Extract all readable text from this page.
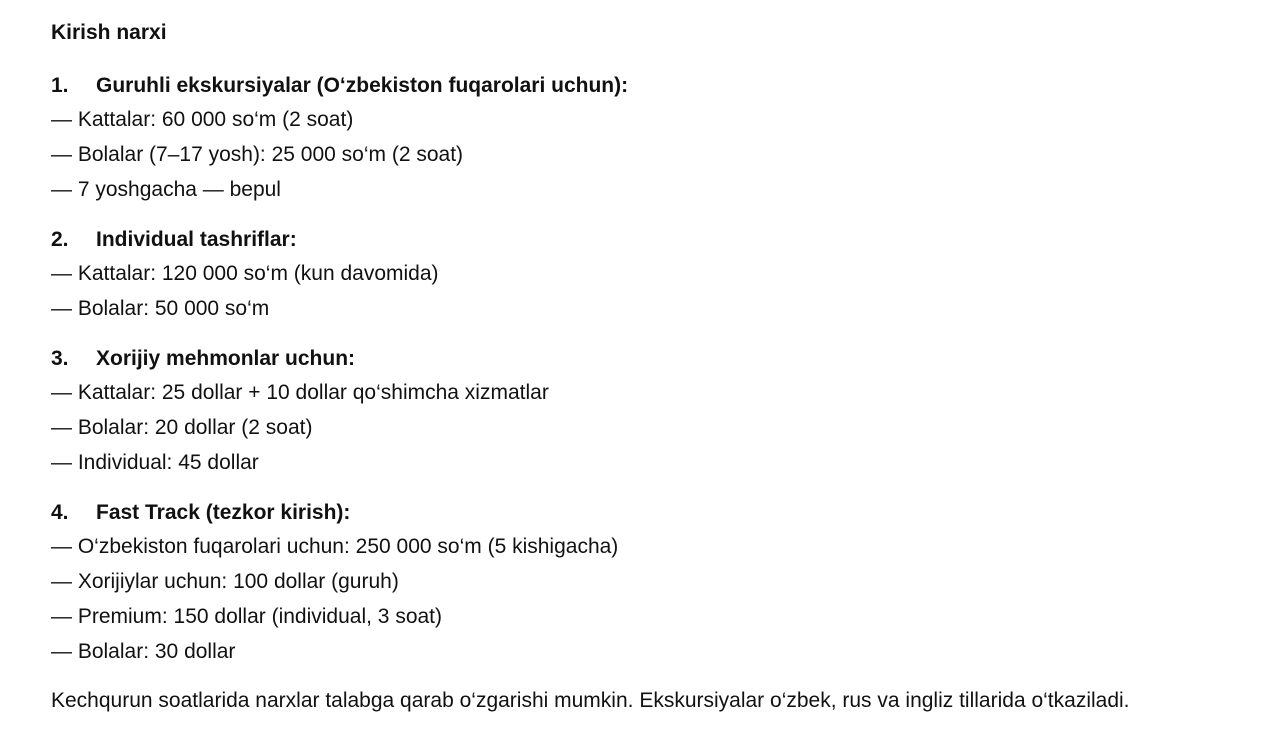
Kirish narxi
1.	Guruhli ekskursiyalar (O‘zbekiston fuqarolari uchun):
— Kattalar: 60 000 so‘m (2 soat)
— Bolalar (7–17 yosh): 25 000 so‘m (2 soat)
— 7 yoshgacha — bepul
2.	Individual tashriflar:
— Kattalar: 120 000 so‘m (kun davomida)
— Bolalar: 50 000 so‘m
3.	Xorijiy mehmonlar uchun:
— Kattalar: 25 dollar + 10 dollar qo‘shimcha xizmatlar
— Bolalar: 20 dollar (2 soat)
— Individual: 45 dollar
4.	Fast Track (tezkor kirish):
— O‘zbekiston fuqarolari uchun: 250 000 so‘m (5 kishigacha)
— Xorijiylar uchun: 100 dollar (guruh)
— Premium: 150 dollar (individual, 3 soat)
— Bolalar: 30 dollar
Kechqurun soatlarida narxlar talabga qarab o‘zgarishi mumkin. Ekskursiyalar o‘zbek, rus va ingliz tillarida o‘tkaziladi.
